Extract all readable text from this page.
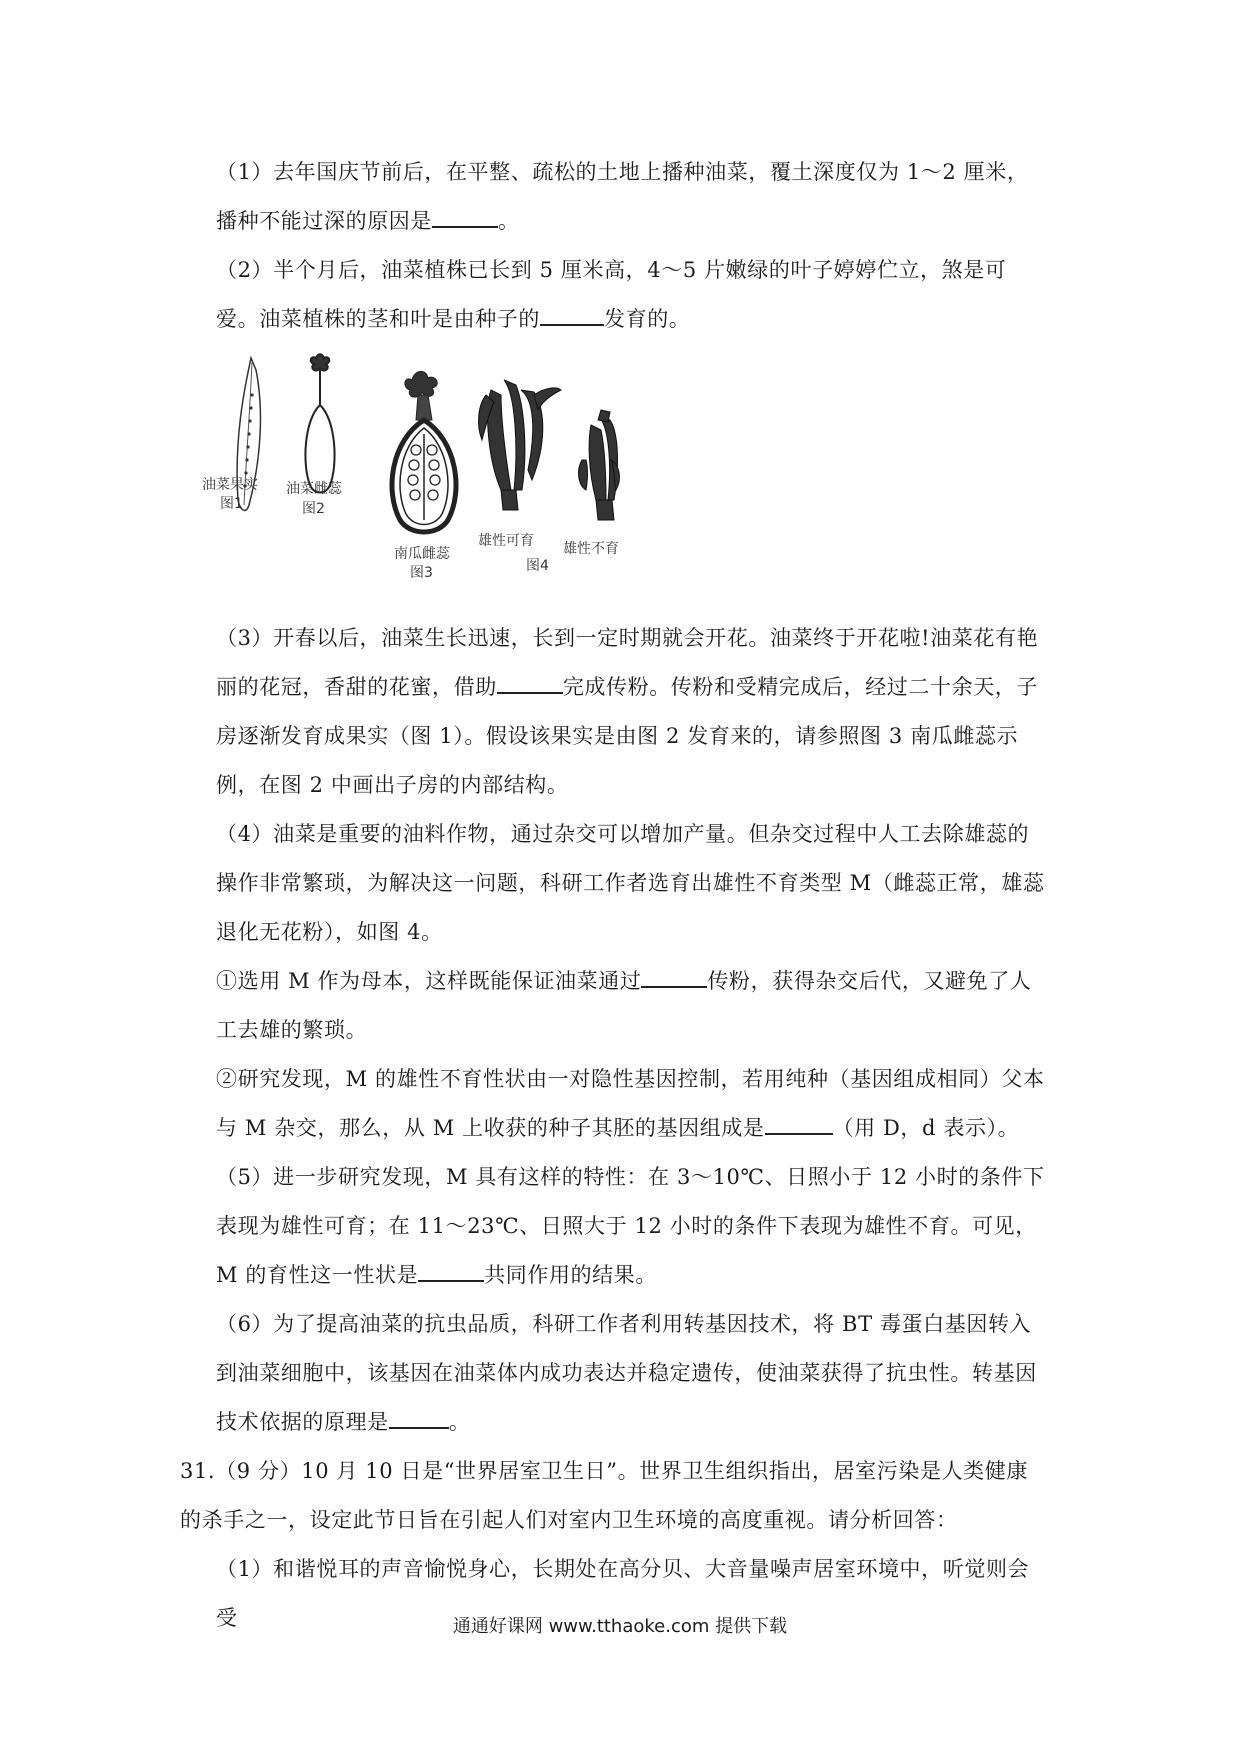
（1）去年国庆节前后，在平整、疏松的土地上播种油菜，覆土深度仅为 1～2 厘米，播种不能过深的原因是	。
（2）半个月后，油菜植株已长到 5 厘米高，4～5 片嫩绿的叶子婷婷伫立，煞是可爱。油菜植株的茎和叶是由种子的	发育的。
油菜果实
图1
油菜雌蕊
图2
南瓜雌蕊
图3
雄性可育
图4
雄性不育
（3）开春以后，油菜生长迅速，长到一定时期就会开花。油菜终于开花啦!油菜花有艳丽的花冠，香甜的花蜜，借助	完成传粉。传粉和受精完成后，经过二十余天，子房逐渐发育成果实（图 1）。假设该果实是由图 2 发育来的，请参照图 3 南瓜雌蕊示例，在图 2 中画出子房的内部结构。
（4）油菜是重要的油料作物，通过杂交可以增加产量。但杂交过程中人工去除雄蕊的操作非常繁琐，为解决这一问题，科研工作者选育出雄性不育类型 M（雌蕊正常，雄蕊退化无花粉），如图 4。
①选用 M 作为母本，这样既能保证油菜通过	传粉，获得杂交后代，又避免了人工去雄的繁琐。
②研究发现，M 的雄性不育性状由一对隐性基因控制，若用纯种（基因组成相同）父本与 M 杂交，那么，从 M 上收获的种子其胚的基因组成是	（用 D，d 表示）。
（5）进一步研究发现，M 具有这样的特性：在 3～10℃、日照小于 12 小时的条件下表现为雄性可育；在 11～23℃、日照大于 12 小时的条件下表现为雄性不育。可见，M 的育性这一性状是	共同作用的结果。
（6）为了提高油菜的抗虫品质，科研工作者利用转基因技术，将 BT 毒蛋白基因转入到油菜细胞中，该基因在油菜体内成功表达并稳定遗传，使油菜获得了抗虫性。转基因技术依据的原理是	。
31.（9 分）10 月 10 日是“世界居室卫生日”。世界卫生组织指出，居室污染是人类健康的杀手之一，设定此节日旨在引起人们对室内卫生环境的高度重视。请分析回答：
（1）和谐悦耳的声音愉悦身心，长期处在高分贝、大音量噪声居室环境中，听觉则会受	通通好课网 www.tthaoke.com 提供下载
